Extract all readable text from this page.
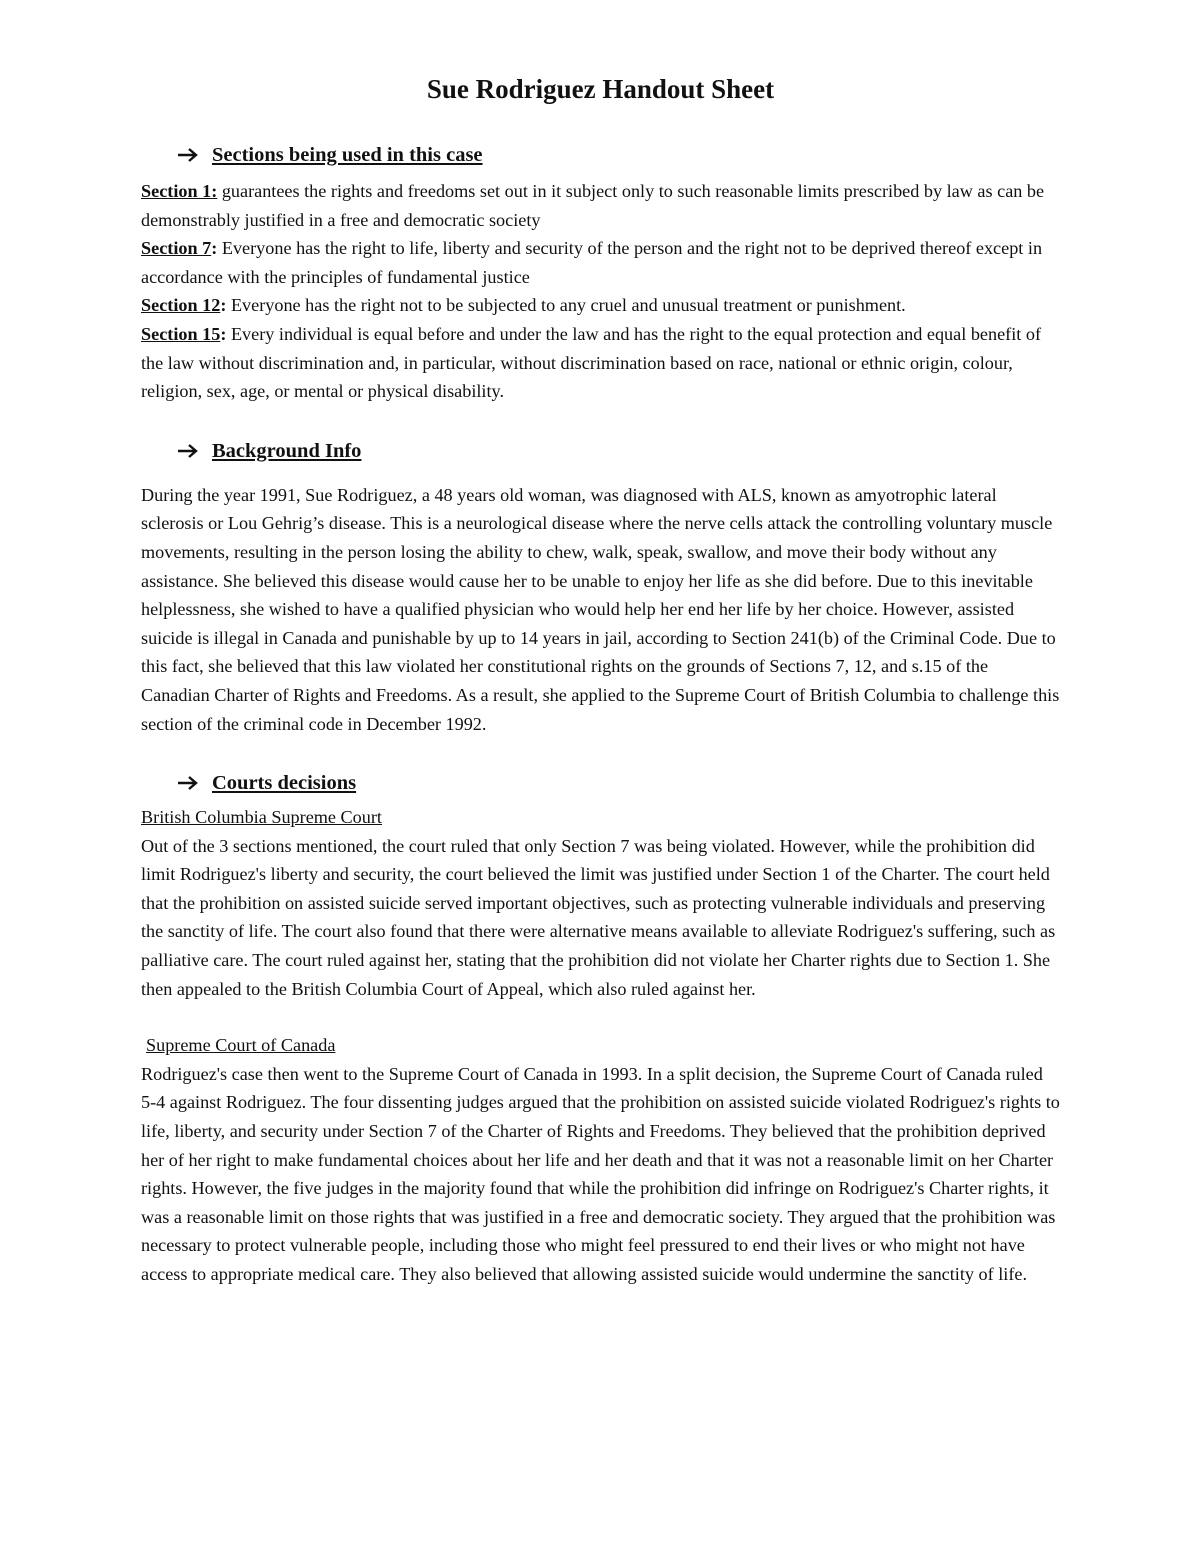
Sue Rodriguez Handout Sheet
Sections being used in this case

Section 1: guarantees the rights and freedoms set out in it subject only to such reasonable limits prescribed by law as can be demonstrably justified in a free and democratic society

Section 7: Everyone has the right to life, liberty and security of the person and the right not to be deprived thereof except in accordance with the principles of fundamental justice

Section 12: Everyone has the right not to be subjected to any cruel and unusual treatment or punishment.

Section 15: Every individual is equal before and under the law and has the right to the equal protection and equal benefit of the law without discrimination and, in particular, without discrimination based on race, national or ethnic origin, colour, religion, sex, age, or mental or physical disability.

Background Info

During the year 1991, Sue Rodriguez, a 48 years old woman, was diagnosed with ALS, known as amyotrophic lateral sclerosis or Lou Gehrig’s disease. This is a neurological disease where the nerve cells attack the controlling voluntary muscle movements, resulting in the person losing the ability to chew, walk, speak, swallow, and move their body without any assistance. She believed this disease would cause her to be unable to enjoy her life as she did before. Due to this inevitable helplessness, she wished to have a qualified physician who would help her end her life by her choice. However, assisted suicide is illegal in Canada and punishable by up to 14 years in jail, according to Section 241(b) of the Criminal Code. Due to this fact, she believed that this law violated her constitutional rights on the grounds of Sections 7, 12, and s.15 of the Canadian Charter of Rights and Freedoms. As a result, she applied to the Supreme Court of British Columbia to challenge this section of the criminal code in December 1992.

Courts decisions
British Columbia Supreme Court

Out of the 3 sections mentioned, the court ruled that only Section 7 was being violated. However, while the prohibition did limit Rodriguez's liberty and security, the court believed the limit was justified under Section 1 of the Charter. The court held that the prohibition on assisted suicide served important objectives, such as protecting vulnerable individuals and preserving the sanctity of life. The court also found that there were alternative means available to alleviate Rodriguez's suffering, such as palliative care. The court ruled against her, stating that the prohibition did not violate her Charter rights due to Section 1. She then appealed to the British Columbia Court of Appeal, which also ruled against her.

Supreme Court of Canada

Rodriguez's case then went to the Supreme Court of Canada in 1993. In a split decision, the Supreme Court of Canada ruled 5-4 against Rodriguez. The four dissenting judges argued that the prohibition on assisted suicide violated Rodriguez's rights to life, liberty, and security under Section 7 of the Charter of Rights and Freedoms. They believed that the prohibition deprived her of her right to make fundamental choices about her life and her death and that it was not a reasonable limit on her Charter rights. However, the five judges in the majority found that while the prohibition did infringe on Rodriguez's Charter rights, it was a reasonable limit on those rights that was justified in a free and democratic society. They argued that the prohibition was necessary to protect vulnerable people, including those who might feel pressured to end their lives or who might not have access to appropriate medical care. They also believed that allowing assisted suicide would undermine the sanctity of life.
